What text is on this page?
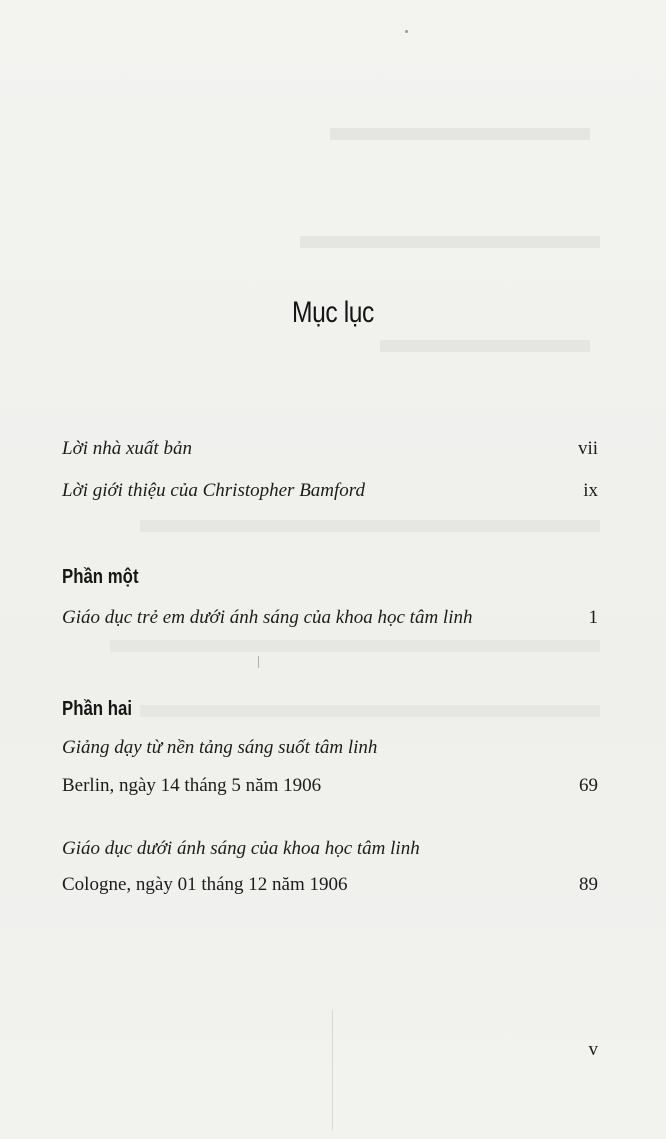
Mục lục
Lời nhà xuất bản	vii
Lời giới thiệu của Christopher Bamford	ix
Phần một
Giáo dục trẻ em dưới ánh sáng của khoa học tâm linh	1
Phần hai
Giảng dạy từ nền tảng sáng suốt tâm linh
Berlin, ngày 14 tháng 5 năm 1906	69
Giáo dục dưới ánh sáng của khoa học tâm linh
Cologne, ngày 01 tháng 12 năm 1906	89
v
